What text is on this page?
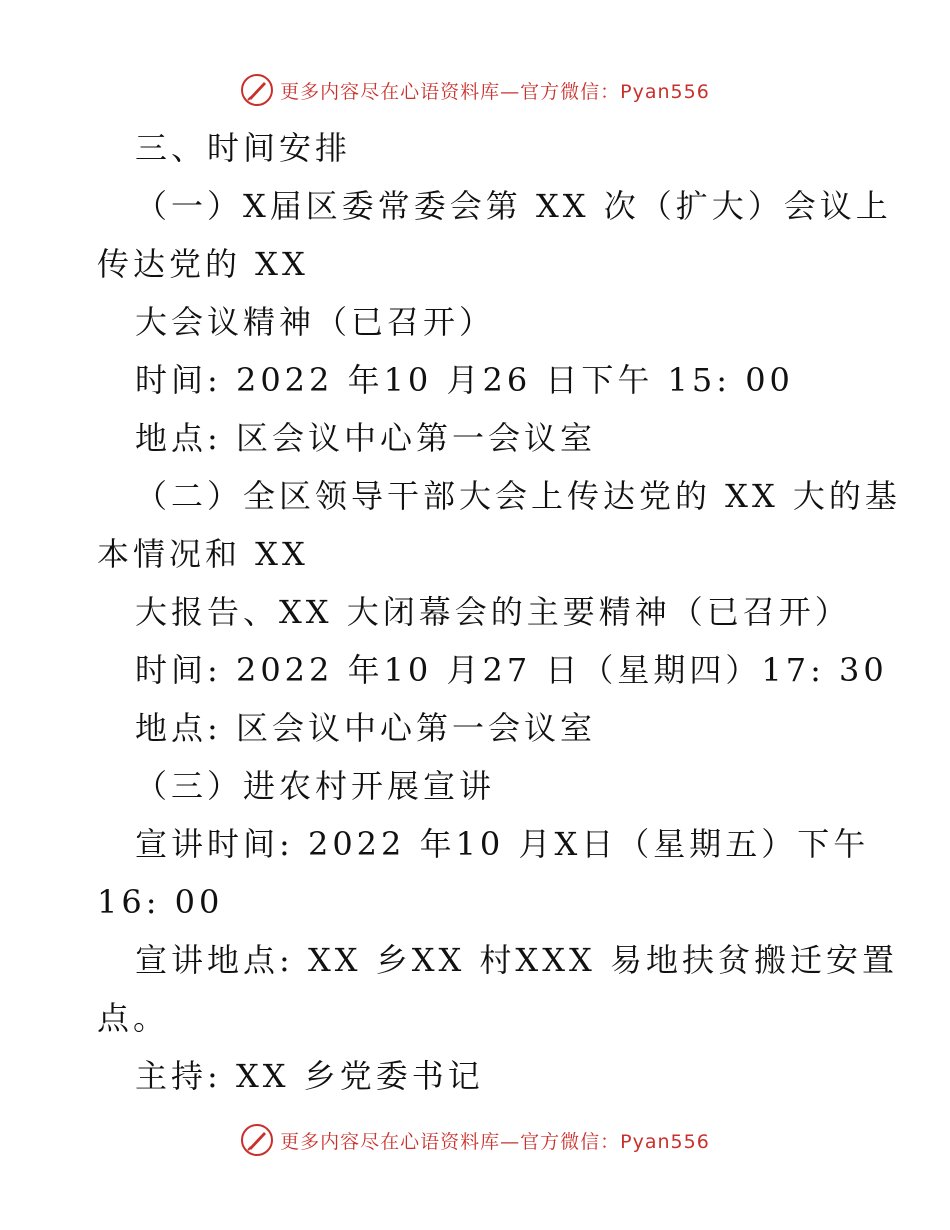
更多内容尽在心语资料库—官方微信：Pyan556
三、时间安排
（一）X届区委常委会第 XX 次（扩大）会议上
传达党的 XX
大会议精神（已召开）
时间: 2022 年10 月26 日下午 15: 00
地点: 区会议中心第一会议室
（二）全区领导干部大会上传达党的 XX 大的基
本情况和 XX
大报告、XX 大闭幕会的主要精神（已召开）
时间: 2022 年10 月27 日（星期四）17: 30
地点: 区会议中心第一会议室
（三）进农村开展宣讲
宣讲时间: 2022 年10 月X日（星期五）下午
16: 00
宣讲地点: XX 乡XX 村XXX 易地扶贫搬迁安置
点。
主持: XX 乡党委书记
更多内容尽在心语资料库—官方微信：Pyan556
